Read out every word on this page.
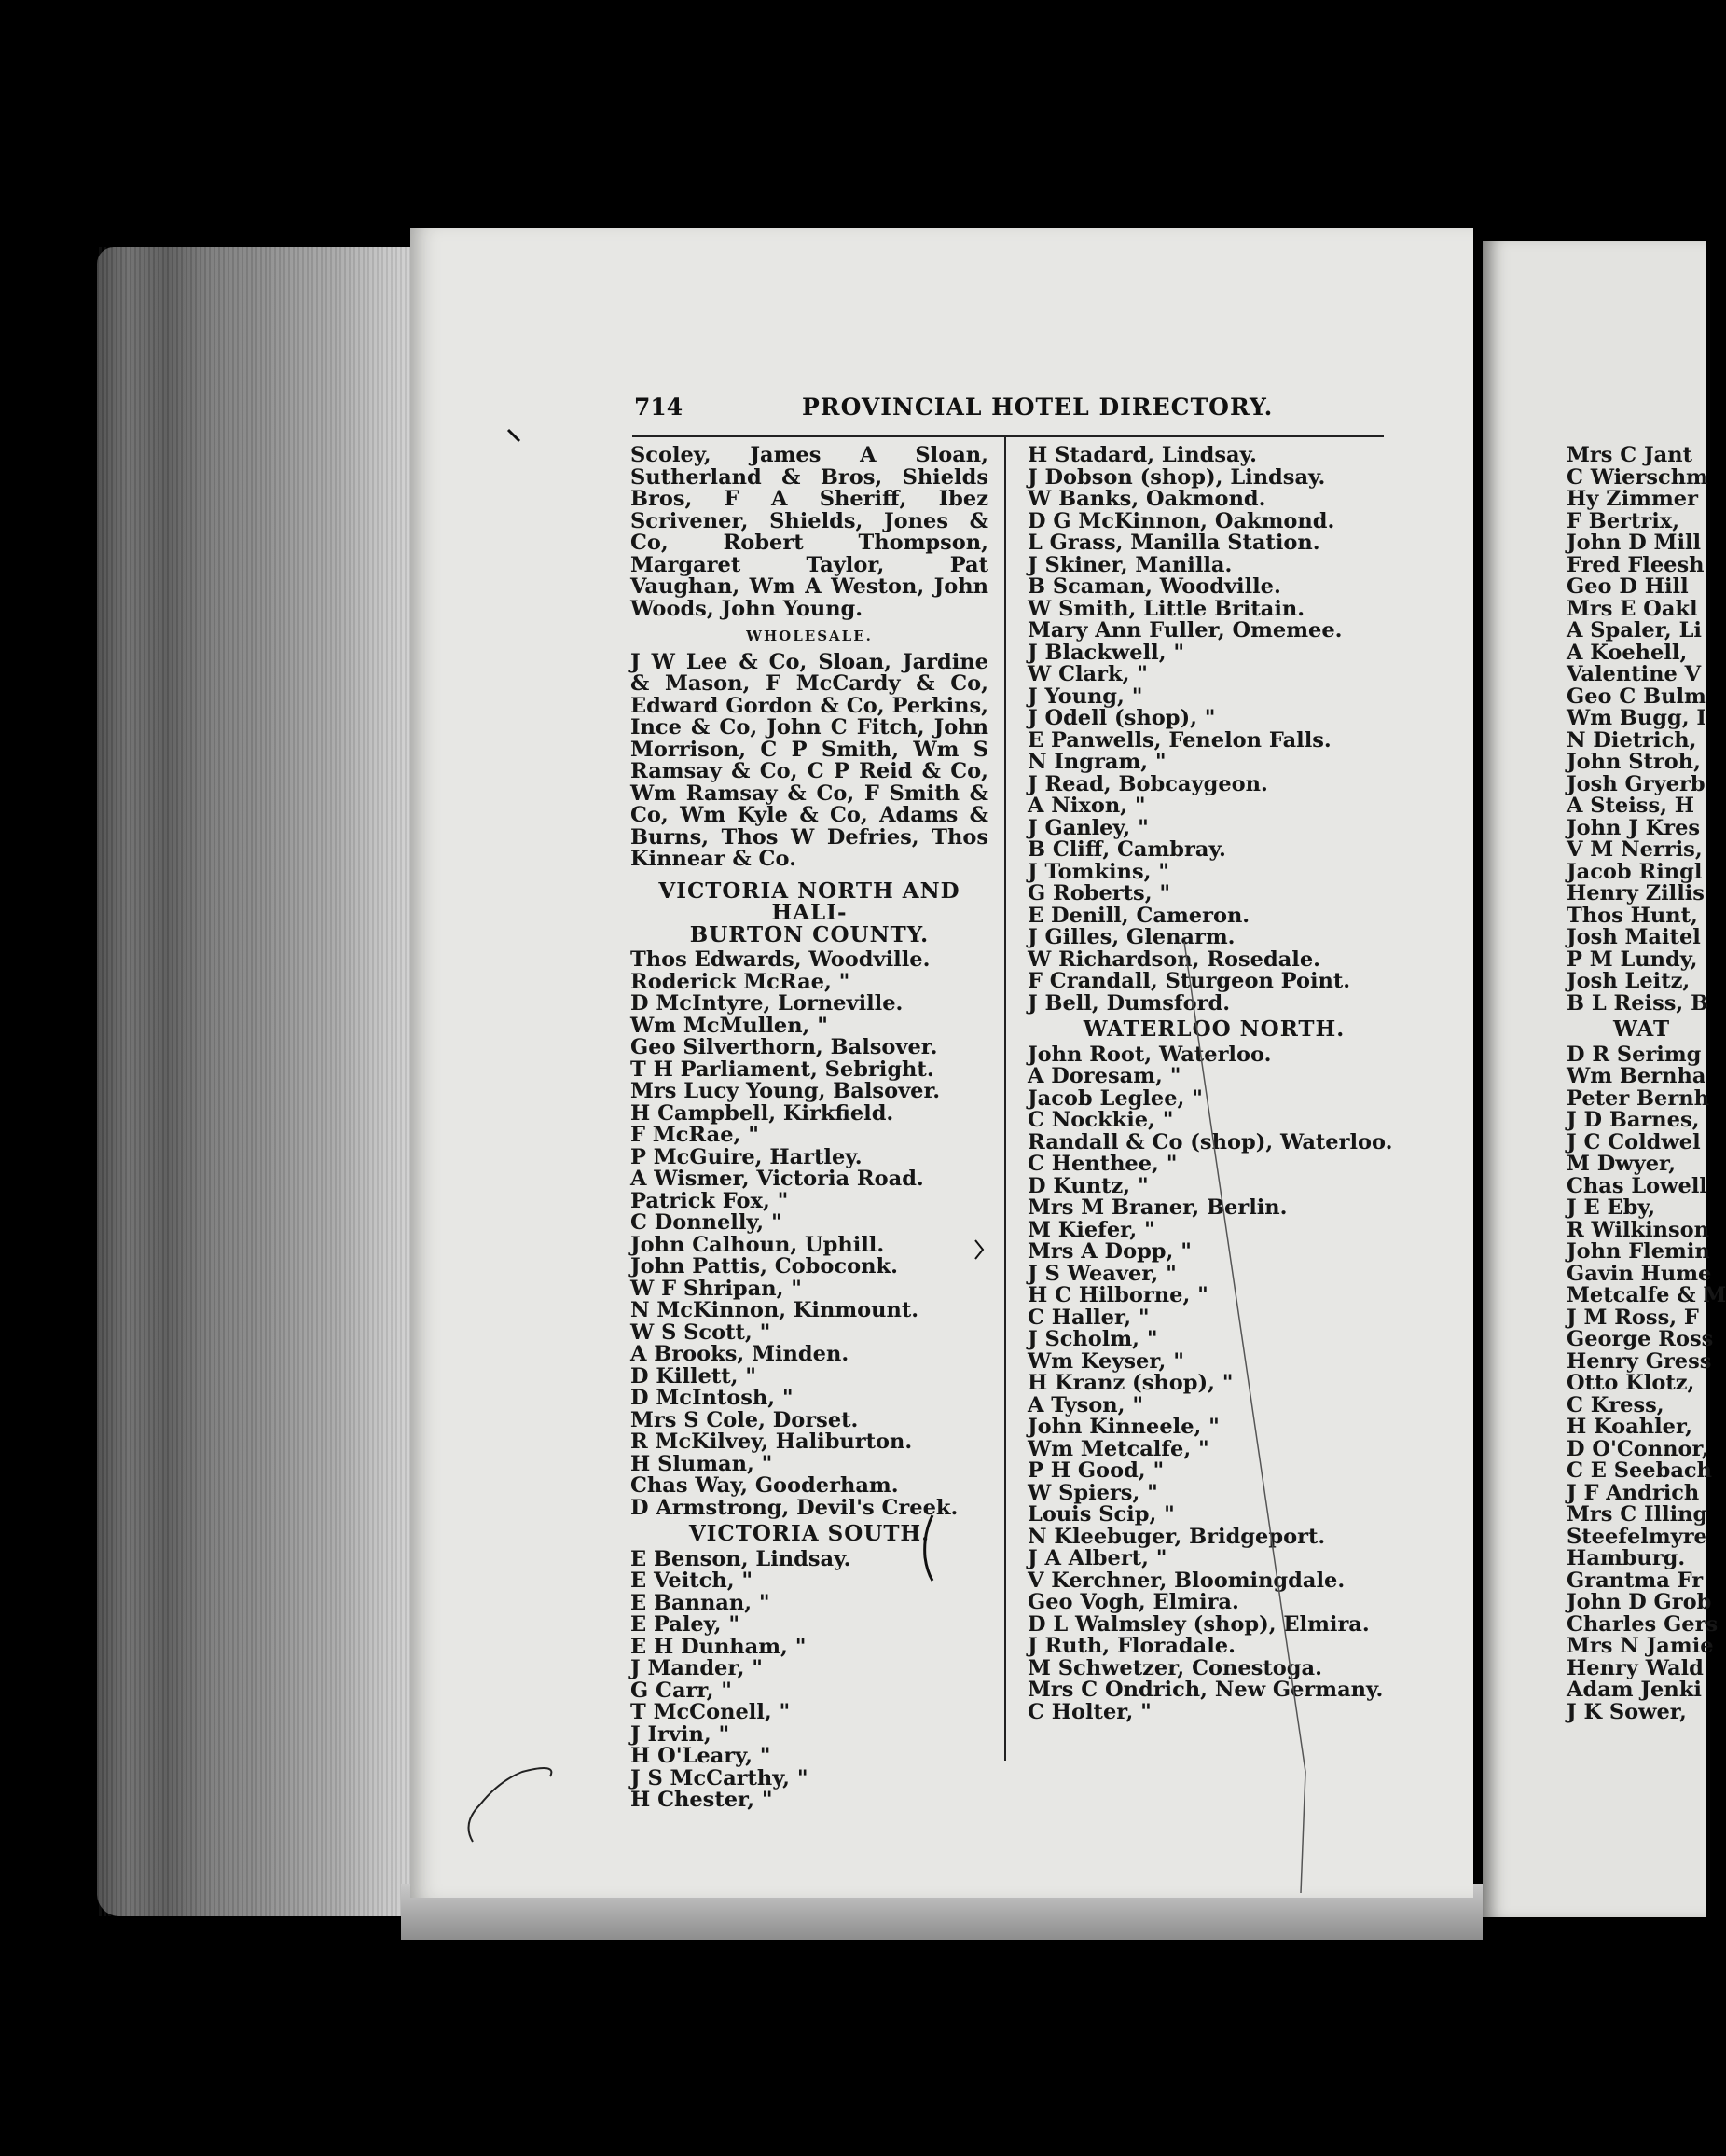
714	PROVINCIAL HOTEL DIRECTORY.
Scoley, James A Sloan, Sutherland & Bros, Shields Bros, F A Sheriff, Ibez Scrivener, Shields, Jones & Co, Robert Thompson, Margaret Taylor, Pat Vaughan, Wm A Weston, John Woods, John Young.
WHOLESALE.
J W Lee & Co, Sloan, Jardine & Mason, F McCardy & Co, Edward Gordon & Co, Perkins, Ince & Co, John C Fitch, John Morrison, C P Smith, Wm S Ramsay & Co, C P Reid & Co, Wm Ramsay & Co, F Smith & Co, Wm Kyle & Co, Adams & Burns, Thos W Defries, Thos Kinnear & Co.
VICTORIA NORTH AND HALI-
BURTON COUNTY.
Thos Edwards, Woodville.
Roderick McRae, "
D McIntyre, Lorneville.
Wm McMullen, "
Geo Silverthorn, Balsover.
T H Parliament, Sebright.
Mrs Lucy Young, Balsover.
H Campbell, Kirkfield.
F McRae, "
P McGuire, Hartley.
A Wismer, Victoria Road.
Patrick Fox, "
C Donnelly, "
John Calhoun, Uphill.
John Pattis, Coboconk.
W F Shripan, "
N McKinnon, Kinmount.
W S Scott, "
A Brooks, Minden.
D Killett, "
D McIntosh, "
Mrs S Cole, Dorset.
R McKilvey, Haliburton.
H Sluman, "
Chas Way, Gooderham.
D Armstrong, Devil's Creek.
VICTORIA SOUTH.
E Benson, Lindsay.
E Veitch, "
E Bannan, "
E Paley, "
E H Dunham, "
J Mander, "
G Carr, "
T McConell, "
J Irvin, "
H O'Leary, "
J S McCarthy, "
H Chester, "
H Stadard, Lindsay.
J Dobson (shop), Lindsay.
W Banks, Oakmond.
D G McKinnon, Oakmond.
L Grass, Manilla Station.
J Skiner, Manilla.
B Scaman, Woodville.
W Smith, Little Britain.
Mary Ann Fuller, Omemee.
J Blackwell, "
W Clark, "
J Young, "
J Odell (shop), "
E Panwells, Fenelon Falls.
N Ingram, "
J Read, Bobcaygeon.
A Nixon, "
J Ganley, "
B Cliff, Cambray.
J Tomkins, "
G Roberts, "
E Denill, Cameron.
J Gilles, Glenarm.
W Richardson, Rosedale.
F Crandall, Sturgeon Point.
J Bell, Dumsford.
WATERLOO NORTH.
John Root, Waterloo.
A Doresam, "
Jacob Leglee, "
C Nockkie, "
Randall & Co (shop), Waterloo.
C Henthee, "
D Kuntz, "
Mrs M Braner, Berlin.
M Kiefer, "
Mrs A Dopp, "
J S Weaver, "
H C Hilborne, "
C Haller, "
J Scholm, "
Wm Keyser, "
H Kranz (shop), "
A Tyson, "
John Kinneele, "
Wm Metcalfe, "
P H Good, "
W Spiers, "
Louis Scip, "
N Kleebuger, Bridgeport.
J A Albert, "
V Kerchner, Bloomingdale.
Geo Vogh, Elmira.
D L Walmsley (shop), Elmira.
J Ruth, Floradale.
M Schwetzer, Conestoga.
Mrs C Ondrich, New Germany.
C Holter, "
Mrs C Jant
C Wierschm
Hy Zimmer
F Bertrix,
John D Mill
Fred Fleesh
Geo D Hill
Mrs E Oakl
A Spaler, Li
A Koehell,
Valentine V
Geo C Bulm
Wm Bugg, I
N Dietrich,
John Stroh,
Josh Gryerb
A Steiss, H
John J Kres
V M Nerris,
Jacob Ringl
Henry Zillis
Thos Hunt,
Josh Maitel
P M Lundy,
Josh Leitz,
B L Reiss, B
WAT
D R Serimg
Wm Bernha
Peter Bernh
J D Barnes,
J C Coldwel
M Dwyer,
Chas Lowell
J E Eby,
R Wilkinson
John Flemin
Gavin Hume
Metcalfe & M
J M Ross, F
George Ross
Henry Gress
Otto Klotz,
C Kress,
H Koahler,
D O'Connor,
C E Seebach
J F Andrich
Mrs C Illing
Steefelmyre
Hamburg.
Grantma Fr
John D Grob
Charles Gers
Mrs N Jamie
Henry Wald
Adam Jenki
J K Sower,
